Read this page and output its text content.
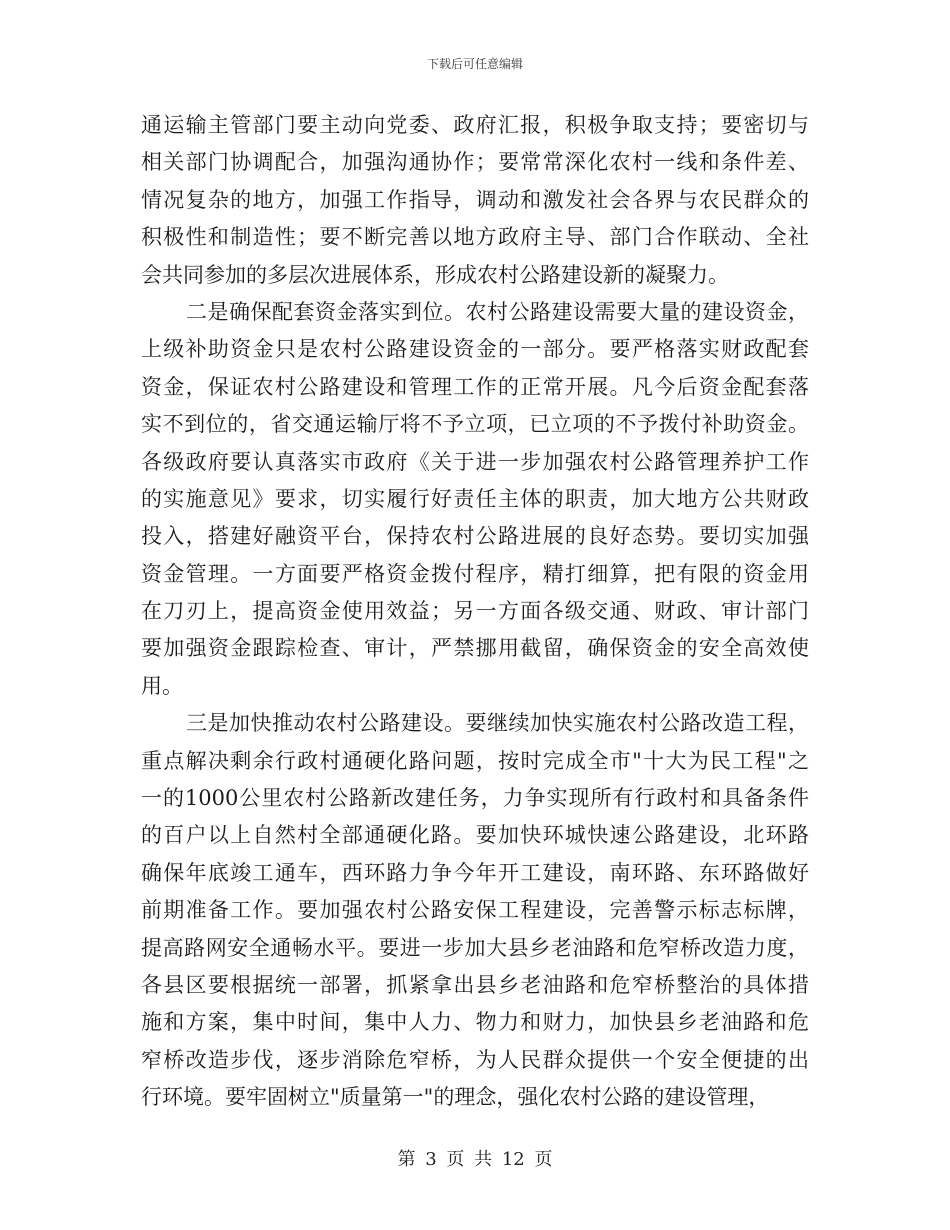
下载后可任意编辑
通运输主管部门要主动向党委、政府汇报，积极争取支持；要密切与
相关部门协调配合，加强沟通协作；要常常深化农村一线和条件差、
情况复杂的地方，加强工作指导，调动和激发社会各界与农民群众的
积极性和制造性；要不断完善以地方政府主导、部门合作联动、全社
会共同参加的多层次进展体系，形成农村公路建设新的凝聚力。
二是确保配套资金落实到位。农村公路建设需要大量的建设资金，
上级补助资金只是农村公路建设资金的一部分。要严格落实财政配套
资金，保证农村公路建设和管理工作的正常开展。凡今后资金配套落
实不到位的，省交通运输厅将不予立项，已立项的不予拨付补助资金。
各级政府要认真落实市政府《关于进一步加强农村公路管理养护工作
的实施意见》要求，切实履行好责任主体的职责，加大地方公共财政
投入，搭建好融资平台，保持农村公路进展的良好态势。要切实加强
资金管理。一方面要严格资金拨付程序，精打细算，把有限的资金用
在刀刃上，提高资金使用效益；另一方面各级交通、财政、审计部门
要加强资金跟踪检查、审计，严禁挪用截留，确保资金的安全高效使
用。
三是加快推动农村公路建设。要继续加快实施农村公路改造工程，
重点解决剩余行政村通硬化路问题，按时完成全市"十大为民工程"之
一的1000公里农村公路新改建任务，力争实现所有行政村和具备条件
的百户以上自然村全部通硬化路。要加快环城快速公路建设，北环路
确保年底竣工通车，西环路力争今年开工建设，南环路、东环路做好
前期准备工作。要加强农村公路安保工程建设，完善警示标志标牌，
提高路网安全通畅水平。要进一步加大县乡老油路和危窄桥改造力度，
各县区要根据统一部署，抓紧拿出县乡老油路和危窄桥整治的具体措
施和方案，集中时间，集中人力、物力和财力，加快县乡老油路和危
窄桥改造步伐，逐步消除危窄桥，为人民群众提供一个安全便捷的出
行环境。要牢固树立"质量第一"的理念，强化农村公路的建设管理，
第 3 页 共 12 页
